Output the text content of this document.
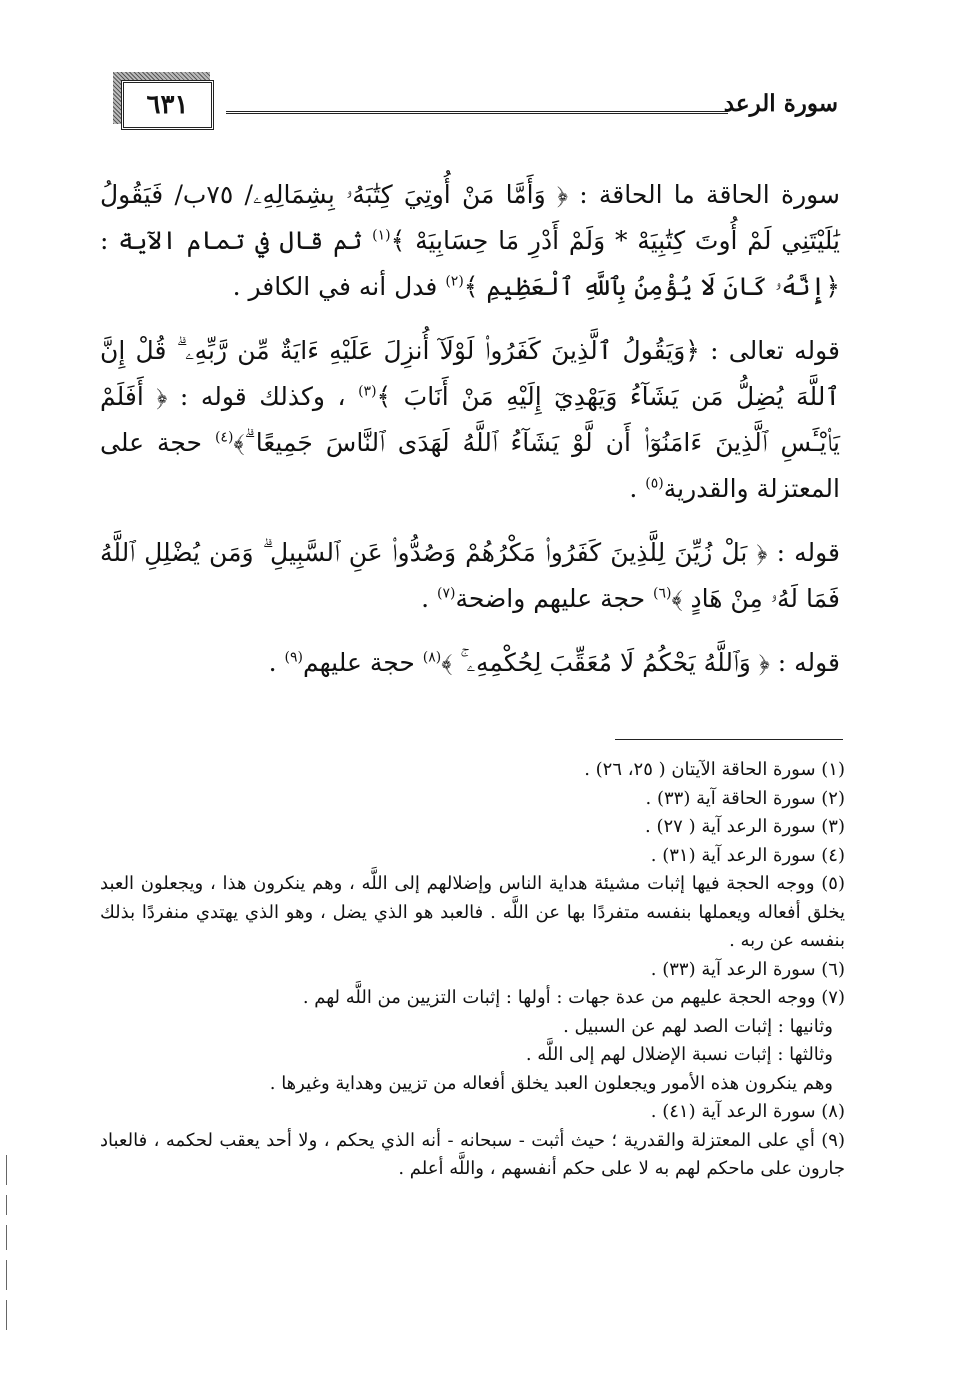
٦٣١	سورة الرعد

سورة الحاقة ما الحاقة : ﴿ وَأَمَّا مَنْ أُوتِيَ كِتَٰبَهُۥ بِشِمَالِهِۦ/ ٧٥ب/ فَيَقُولُ يَٰلَيْتَنِي لَمْ أُوتَ كِتَٰبِيَهْ * وَلَمْ أَدْرِ مَا حِسَابِيَهْ ﴾$^{(١)}$ ثم قال في تمام الآية : ﴿إِنَّهُۥ كَانَ لَا يُؤْمِنُ بِٱللَّهِ ٱلْعَظِيمِ ﴾$^{(٢)}$ فدل أنه في الكافر .

قوله تعالى : ﴿وَيَقُولُ ٱلَّذِينَ كَفَرُوا۟ لَوْلَآ أُنزِلَ عَلَيْهِ ءَايَةٌ مِّن رَّبِّهِۦ ۗ قُلْ إِنَّ ٱللَّهَ يُضِلُّ مَن يَشَآءُ وَيَهْدِيٓ إِلَيْهِ مَنْ أَنَابَ ﴾$^{(٣)}$ ، وكذلك قوله : ﴿ أَفَلَمْ يَا۟يْـَٔسِ ٱلَّذِينَ ءَامَنُوٓا۟ أَن لَّوْ يَشَآءُ ٱللَّهُ لَهَدَى ٱلنَّاسَ جَمِيعًا ۗ﴾$^{(٤)}$ حجة على المعتزلة والقدرية$^{(٥)}$ .

قوله : ﴿ بَلْ زُيِّنَ لِلَّذِينَ كَفَرُوا۟ مَكْرُهُمْ وَصُدُّوا۟ عَنِ ٱلسَّبِيلِ ۗ وَمَن يُضْلِلِ ٱللَّهُ فَمَا لَهُۥ مِنْ هَادٍ ﴾$^{(٦)}$ حجة عليهم واضحة$^{(٧)}$ .

قوله : ﴿ وَٱللَّهُ يَحْكُمُ لَا مُعَقِّبَ لِحُكْمِهِۦ ۚ ﴾$^{(٨)}$ حجة عليهم$^{(٩)}$ .

(١) سورة الحاقة الآيتان ( ٢٥، ٢٦) .
(٢) سورة الحاقة آية (٣٣) .
(٣) سورة الرعد آية ( ٢٧) .
(٤) سورة الرعد آية (٣١) .
(٥) ووجه الحجة فيها إثبات مشيئة هداية الناس وإضلالهم إلى اللَّه ، وهم ينكرون هذا ، ويجعلون العبد يخلق أفعاله ويعملها بنفسه متفردًا بها عن اللَّه . فالعبد هو الذي يضل ، وهو الذي يهتدي منفردًا بذلك بنفسه عن ربه .
(٦) سورة الرعد آية (٣٣) .
(٧) ووجه الحجة عليهم من عدة جهات : أولها : إثبات التزيين من اللَّه لهم .
وثانيها : إثبات الصد لهم عن السبيل .
وثالثها : إثبات نسبة الإضلال لهم إلى اللَّه .
وهم ينكرون هذه الأمور ويجعلون العبد يخلق أفعاله من تزيين وهداية وغيرها .
(٨) سورة الرعد آية (٤١) .
(٩) أي على المعتزلة والقدرية ؛ حيث أثبت - سبحانه - أنه الذي يحكم ، ولا أحد يعقب لحكمه ، فالعباد جارون على ماحكم لهم به لا على حكم أنفسهم ، واللَّه أعلم .
